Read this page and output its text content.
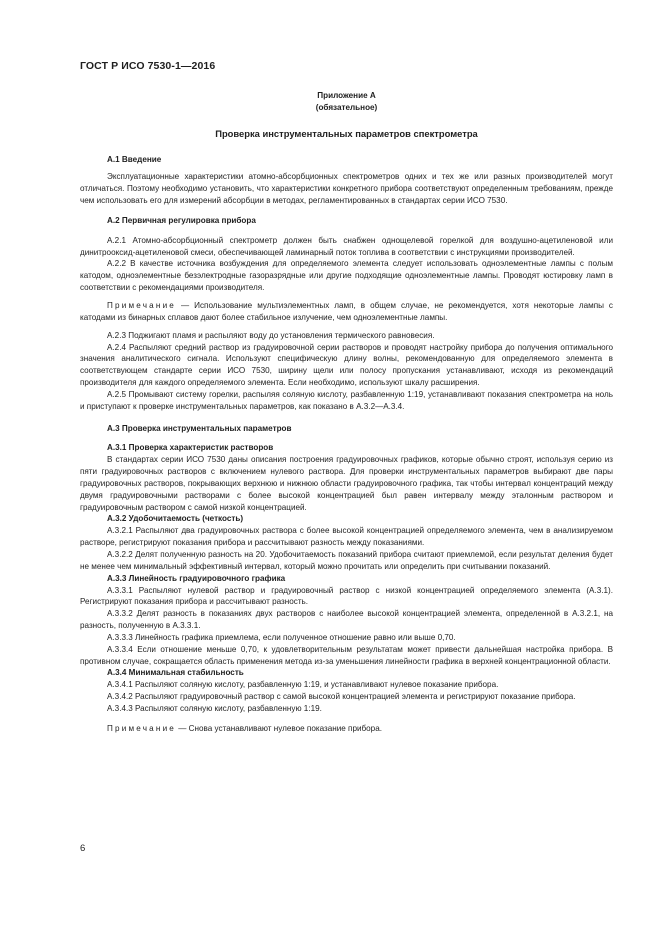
ГОСТ Р ИСО 7530-1—2016
Приложение А
(обязательное)
Проверка инструментальных параметров спектрометра
А.1 Введение

Эксплуатационные характеристики атомно-абсорбционных спектрометров одних и тех же или разных производителей могут отличаться. Поэтому необходимо установить, что характеристики конкретного прибора соответствуют определенным требованиям, прежде чем использовать его для измерений абсорбции в методах, регламентированных в стандартах серии ИСО 7530.

А.2 Первичная регулировка прибора

А.2.1 Атомно-абсорбционный спектрометр должен быть снабжен однощелевой горелкой для воздушно-ацетиленовой или динитрооксид-ацетиленовой смеси, обеспечивающей ламинарный поток топлива в соответствии с инструкциями производителей.

А.2.2 В качестве источника возбуждения для определяемого элемента следует использовать одноэлементные лампы с полым катодом, одноэлементные безэлектродные газоразрядные или другие подходящие одноэлементные лампы. Проводят юстировку ламп в соответствии с рекомендациями производителя.

Примечание — Использование мультиэлементных ламп, в общем случае, не рекомендуется, хотя некоторые лампы с катодами из бинарных сплавов дают более стабильное излучение, чем одноэлементные лампы.

А.2.3 Поджигают пламя и распыляют воду до установления термического равновесия.

А.2.4 Распыляют средний раствор из градуировочной серии растворов и проводят настройку прибора до получения оптимального значения аналитического сигнала. Используют специфическую длину волны, рекомендованную для определяемого элемента в соответствующем стандарте серии ИСО 7530, ширину щели или полосу пропускания устанавливают, исходя из рекомендаций производителя для каждого определяемого элемента. Если необходимо, используют шкалу расширения.

А.2.5 Промывают систему горелки, распыляя соляную кислоту, разбавленную 1:19, устанавливают показания спектрометра на ноль и приступают к проверке инструментальных параметров, как показано в А.3.2—А.3.4.

А.3 Проверка инструментальных параметров
А.3.1 Проверка характеристик растворов

В стандартах серии ИСО 7530 даны описания построения градуировочных графиков, которые обычно строят, используя серию из пяти градуировочных растворов с включением нулевого раствора. Для проверки инструментальных параметров выбирают две пары градуировочных растворов, покрывающих верхнюю и нижнюю области градуировочного графика, так чтобы интервал концентраций между двумя градуировочными растворами с более высокой концентрацией был равен интервалу между эталонным раствором и градуировочным раствором с самой низкой концентрацией.

А.3.2 Удобочитаемость (четкость)

А.3.2.1 Распыляют два градуировочных раствора с более высокой концентрацией определяемого элемента, чем в анализируемом растворе, регистрируют показания прибора и рассчитывают разность между показаниями.

А.3.2.2 Делят полученную разность на 20. Удобочитаемость показаний прибора считают приемлемой, если результат деления будет не менее чем минимальный эффективный интервал, который можно прочитать или определить при считывании показаний.

А.3.3 Линейность градуировочного графика

А.3.3.1 Распыляют нулевой раствор и градуировочный раствор с низкой концентрацией определяемого элемента (А.3.1). Регистрируют показания прибора и рассчитывают разность.

А.3.3.2 Делят разность в показаниях двух растворов с наиболее высокой концентрацией элемента, определенной в А.3.2.1, на разность, полученную в А.3.3.1.

А.3.3.3 Линейность графика приемлема, если полученное отношение равно или выше 0,70.

А.3.3.4 Если отношение меньше 0,70, к удовлетворительным результатам может привести дальнейшая настройка прибора. В противном случае, сокращается область применения метода из-за уменьшения линейности графика в верхней концентрационной области.

А.3.4 Минимальная стабильность

А.3.4.1 Распыляют соляную кислоту, разбавленную 1:19, и устанавливают нулевое показание прибора.

А.3.4.2 Распыляют градуировочный раствор с самой высокой концентрацией элемента и регистрируют показание прибора.

А.3.4.3 Распыляют соляную кислоту, разбавленную 1:19.

Примечание — Снова устанавливают нулевое показание прибора.

6
